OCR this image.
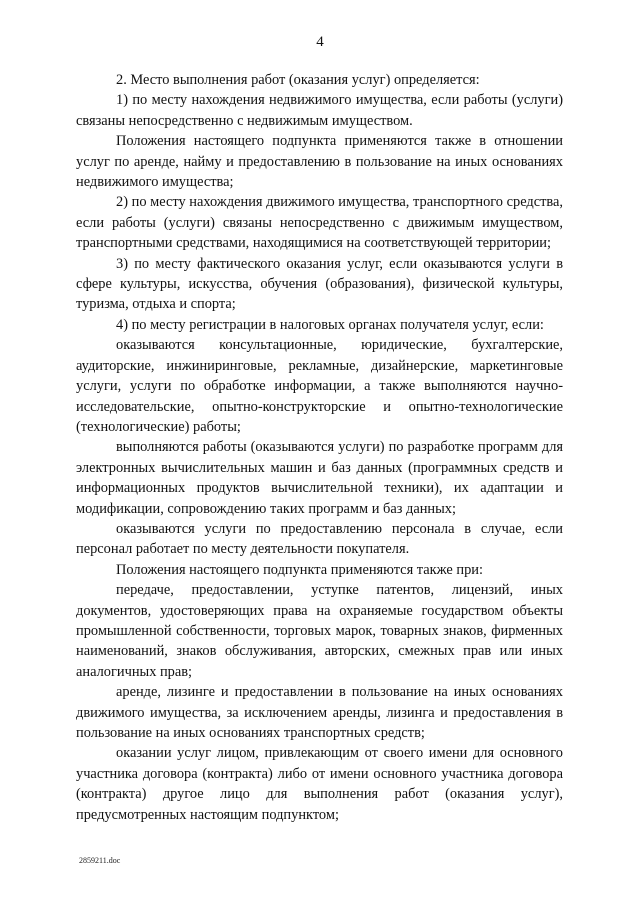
4

2. Место выполнения работ (оказания услуг) определяется:

1) по месту нахождения недвижимого имущества, если работы (услуги) связаны непосредственно с недвижимым имуществом.

Положения настоящего подпункта применяются также в отношении услуг по аренде, найму и предоставлению в пользование на иных основаниях недвижимого имущества;

2) по месту нахождения движимого имущества, транспортного средства, если работы (услуги) связаны непосредственно с движимым имуществом, транспортными средствами, находящимися на соответствующей территории;

3) по месту фактического оказания услуг, если оказываются услуги в сфере культуры, искусства, обучения (образования), физической культуры, туризма, отдыха и спорта;

4) по месту регистрации в налоговых органах получателя услуг, если:

оказываются консультационные, юридические, бухгалтерские, аудиторские, инжиниринговые, рекламные, дизайнерские, маркетинговые услуги, услуги по обработке информации, а также выполняются научно-исследовательские, опытно-конструкторские и опытно-технологические (технологические) работы;

выполняются работы (оказываются услуги) по разработке программ для электронных вычислительных машин и баз данных (программных средств и информационных продуктов вычислительной техники), их адаптации и модификации, сопровождению таких программ и баз данных;

оказываются услуги по предоставлению персонала в случае, если персонал работает по месту деятельности покупателя.

Положения настоящего подпункта применяются также при:

передаче, предоставлении, уступке патентов, лицензий, иных документов, удостоверяющих права на охраняемые государством объекты промышленной собственности, торговых марок, товарных знаков, фирменных наименований, знаков обслуживания, авторских, смежных прав или иных аналогичных прав;

аренде, лизинге и предоставлении в пользование на иных основаниях движимого имущества, за исключением аренды, лизинга и предоставления в пользование на иных основаниях транспортных средств;

оказании услуг лицом, привлекающим от своего имени для основного участника договора (контракта) либо от имени основного участника договора (контракта) другое лицо для выполнения работ (оказания услуг), предусмотренных настоящим подпунктом;

2859211.doc
